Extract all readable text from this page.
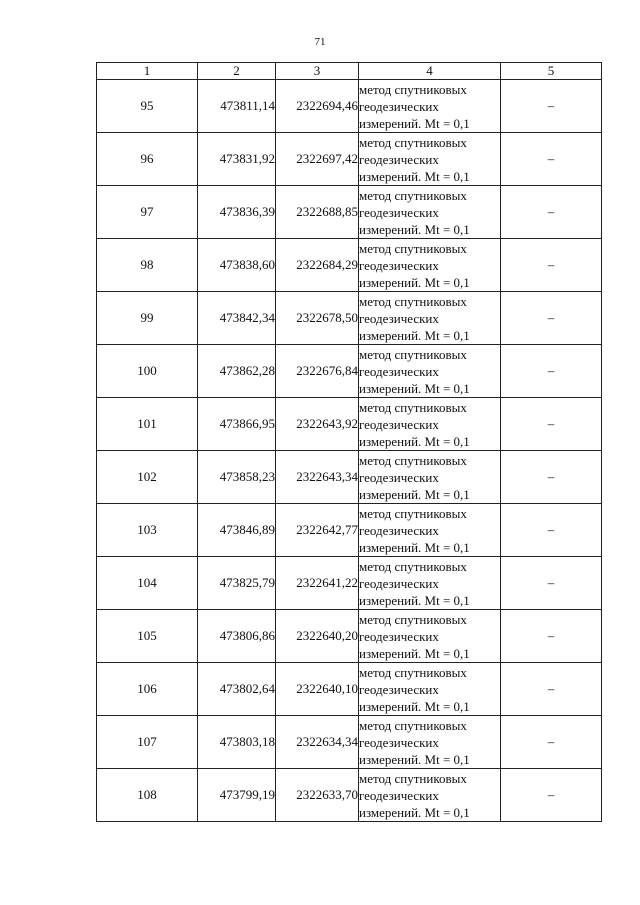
71
1	2	3	4	5
95	473811,14	2322694,46	метод спутниковых
геодезических
измерений. Mt = 0,1	–
96	473831,92	2322697,42	метод спутниковых
геодезических
измерений. Mt = 0,1	–
97	473836,39	2322688,85	метод спутниковых
геодезических
измерений. Mt = 0,1	–
98	473838,60	2322684,29	метод спутниковых
геодезических
измерений. Mt = 0,1	–
99	473842,34	2322678,50	метод спутниковых
геодезических
измерений. Mt = 0,1	–
100	473862,28	2322676,84	метод спутниковых
геодезических
измерений. Mt = 0,1	–
101	473866,95	2322643,92	метод спутниковых
геодезических
измерений. Mt = 0,1	–
102	473858,23	2322643,34	метод спутниковых
геодезических
измерений. Mt = 0,1	–
103	473846,89	2322642,77	метод спутниковых
геодезических
измерений. Mt = 0,1	–
104	473825,79	2322641,22	метод спутниковых
геодезических
измерений. Mt = 0,1	–
105	473806,86	2322640,20	метод спутниковых
геодезических
измерений. Mt = 0,1	–
106	473802,64	2322640,10	метод спутниковых
геодезических
измерений. Mt = 0,1	–
107	473803,18	2322634,34	метод спутниковых
геодезических
измерений. Mt = 0,1	–
108	473799,19	2322633,70	метод спутниковых
геодезических
измерений. Mt = 0,1	–
